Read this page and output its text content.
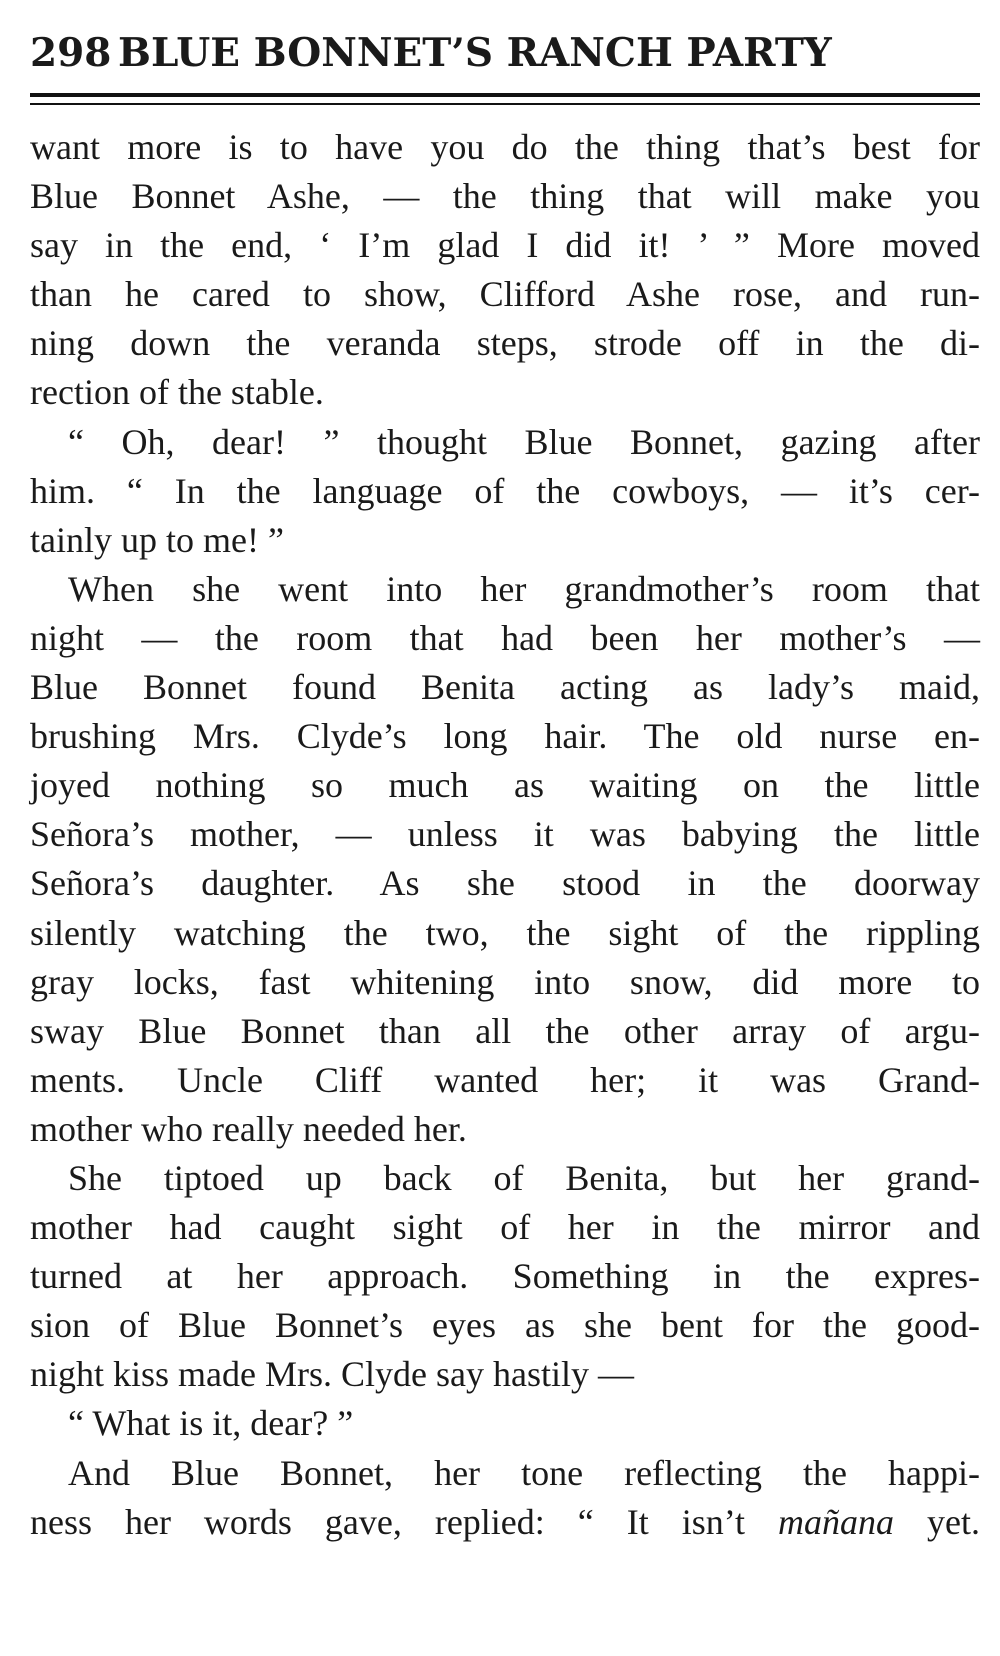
298 BLUE BONNET’S RANCH PARTY
want more is to have you do the thing that’s best for
Blue Bonnet Ashe, — the thing that will make you
say in the end, ‘ I’m glad I did it! ’ ” More moved
than he cared to show, Clifford Ashe rose, and run-
ning down the veranda steps, strode off in the di-
rection of the stable.
“ Oh, dear! ” thought Blue Bonnet, gazing after
him. “ In the language of the cowboys, — it’s cer-
tainly up to me! ”
When she went into her grandmother’s room that
night — the room that had been her mother’s —
Blue Bonnet found Benita acting as lady’s maid,
brushing Mrs. Clyde’s long hair. The old nurse en-
joyed nothing so much as waiting on the little
Señora’s mother, — unless it was babying the little
Señora’s daughter. As she stood in the doorway
silently watching the two, the sight of the rippling
gray locks, fast whitening into snow, did more to
sway Blue Bonnet than all the other array of argu-
ments. Uncle Cliff wanted her; it was Grand-
mother who really needed her.
She tiptoed up back of Benita, but her grand-
mother had caught sight of her in the mirror and
turned at her approach. Something in the expres-
sion of Blue Bonnet’s eyes as she bent for the good-
night kiss made Mrs. Clyde say hastily —
“ What is it, dear? ”
And Blue Bonnet, her tone reflecting the happi-
ness her words gave, replied: “ It isn’t mañana yet.
